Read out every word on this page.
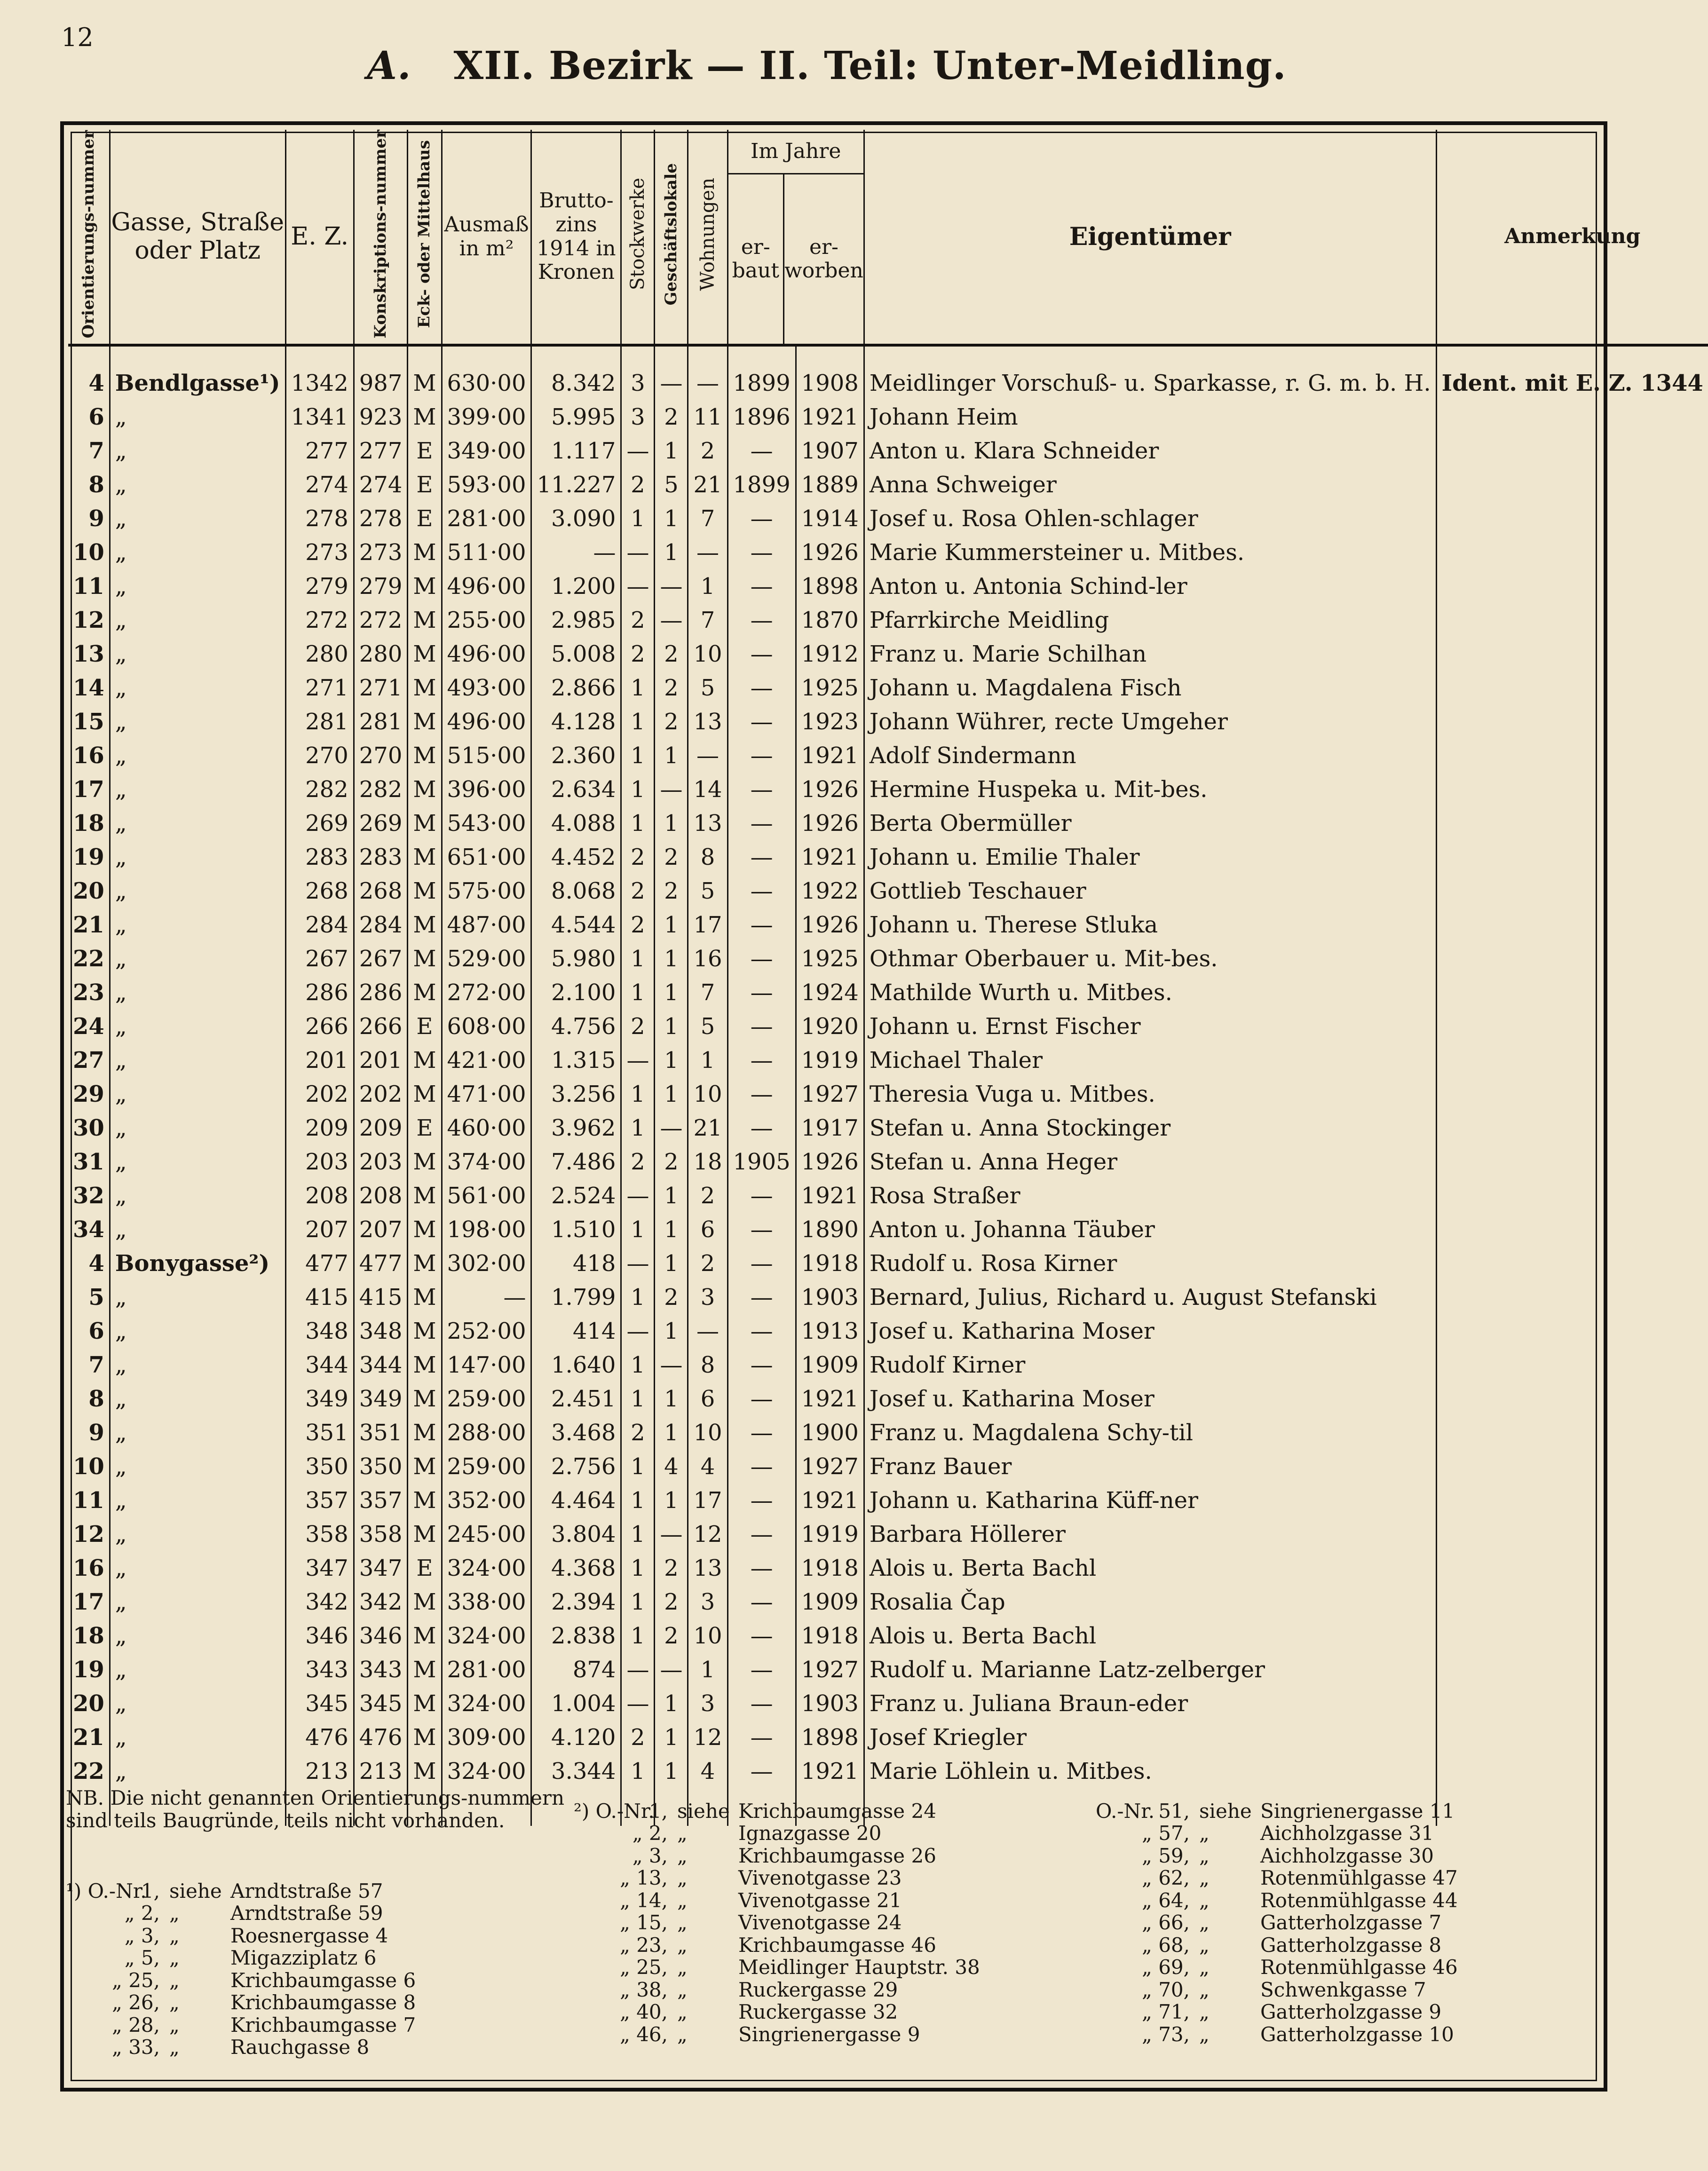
12
A. XII. Bezirk — II. Teil: Unter-Meidling.
Orientierungs-nummer	Gasse, Straße oder Platz	E. Z.	Konskriptions-nummer	Eck- oder Mittelhaus	Ausmaß in m²	Brutto-zins 1914 in Kronen	Stockwerke	Geschäftslokale	Wohnungen	Im Jahre
er-baut
er-worben		Eigentümer	Anmerkung

4	Bendlgasse¹)	1342	987	M	630·00	8.342	3	—	—	1899	1908	Meidlinger Vorschuß- u. Sparkasse, r. G. m. b. H.	Ident. mit E. Z. 1344
6	„	1341	923	M	399·00	5.995	3	2	11	1896	1921	Johann Heim	
7	„	277	277	E	349·00	1.117	—	1	2	—	1907	Anton u. Klara Schneider	
8	„	274	274	E	593·00	11.227	2	5	21	1899	1889	Anna Schweiger	
9	„	278	278	E	281·00	3.090	1	1	7	—	1914	Josef u. Rosa Ohlen-schlager	
10	„	273	273	M	511·00	—	—	1	—	—	1926	Marie Kummersteiner u. Mitbes.	
11	„	279	279	M	496·00	1.200	—	—	1	—	1898	Anton u. Antonia Schind-ler	
12	„	272	272	M	255·00	2.985	2	—	7	—	1870	Pfarrkirche Meidling	
13	„	280	280	M	496·00	5.008	2	2	10	—	1912	Franz u. Marie Schilhan	
14	„	271	271	M	493·00	2.866	1	2	5	—	1925	Johann u. Magdalena Fisch	
15	„	281	281	M	496·00	4.128	1	2	13	—	1923	Johann Wührer, recte Umgeher	
16	„	270	270	M	515·00	2.360	1	1	—	—	1921	Adolf Sindermann	
17	„	282	282	M	396·00	2.634	1	—	14	—	1926	Hermine Huspeka u. Mit-bes.	
18	„	269	269	M	543·00	4.088	1	1	13	—	1926	Berta Obermüller	
19	„	283	283	M	651·00	4.452	2	2	8	—	1921	Johann u. Emilie Thaler	
20	„	268	268	M	575·00	8.068	2	2	5	—	1922	Gottlieb Teschauer	
21	„	284	284	M	487·00	4.544	2	1	17	—	1926	Johann u. Therese Stluka	
22	„	267	267	M	529·00	5.980	1	1	16	—	1925	Othmar Oberbauer u. Mit-bes.	
23	„	286	286	M	272·00	2.100	1	1	7	—	1924	Mathilde Wurth u. Mitbes.	
24	„	266	266	E	608·00	4.756	2	1	5	—	1920	Johann u. Ernst Fischer	
27	„	201	201	M	421·00	1.315	—	1	1	—	1919	Michael Thaler	
29	„	202	202	M	471·00	3.256	1	1	10	—	1927	Theresia Vuga u. Mitbes.	
30	„	209	209	E	460·00	3.962	1	—	21	—	1917	Stefan u. Anna Stockinger	
31	„	203	203	M	374·00	7.486	2	2	18	1905	1926	Stefan u. Anna Heger	
32	„	208	208	M	561·00	2.524	—	1	2	—	1921	Rosa Straßer	
34	„	207	207	M	198·00	1.510	1	1	6	—	1890	Anton u. Johanna Täuber	
4	Bonygasse²)	477	477	M	302·00	418	—	1	2	—	1918	Rudolf u. Rosa Kirner	
5	„	415	415	M	—	1.799	1	2	3	—	1903	Bernard, Julius, Richard u. August Stefanski	
6	„	348	348	M	252·00	414	—	1	—	—	1913	Josef u. Katharina Moser	
7	„	344	344	M	147·00	1.640	1	—	8	—	1909	Rudolf Kirner	
8	„	349	349	M	259·00	2.451	1	1	6	—	1921	Josef u. Katharina Moser	
9	„	351	351	M	288·00	3.468	2	1	10	—	1900	Franz u. Magdalena Schy-til	
10	„	350	350	M	259·00	2.756	1	4	4	—	1927	Franz Bauer	
11	„	357	357	M	352·00	4.464	1	1	17	—	1921	Johann u. Katharina Küff-ner	
12	„	358	358	M	245·00	3.804	1	—	12	—	1919	Barbara Höllerer	
16	„	347	347	E	324·00	4.368	1	2	13	—	1918	Alois u. Berta Bachl	
17	„	342	342	M	338·00	2.394	1	2	3	—	1909	Rosalia Čap	
18	„	346	346	M	324·00	2.838	1	2	10	—	1918	Alois u. Berta Bachl	
19	„	343	343	M	281·00	874	—	—	1	—	1927	Rudolf u. Marianne Latz-zelberger	
20	„	345	345	M	324·00	1.004	—	1	3	—	1903	Franz u. Juliana Braun-eder	
21	„	476	476	M	309·00	4.120	2	1	12	—	1898	Josef Kriegler	
22	„	213	213	M	324·00	3.344	1	1	4	—	1921	Marie Löhlein u. Mitbes.	

NB. Die nicht genannten Orientierungs-nummern sind teils Baugründe, teils nicht vorhanden.
¹) O.-Nr.
1, siehe Arndtstraße 57
„ 2, „	Arndtstraße 59
„ 3, „	Roesnergasse 4
„ 5, „	Migazziplatz 6
„ 25, „	Krichbaumgasse 6
„ 26, „	Krichbaumgasse 8
„ 28, „	Krichbaumgasse 7
„ 33, „	Rauchgasse 8
²) O.-Nr.
1, siehe Krichbaumgasse 24
„ 2, „	Ignazgasse 20
„ 3, „	Krichbaumgasse 26
„ 13, „	Vivenotgasse 23
„ 14, „	Vivenotgasse 21
„ 15, „	Vivenotgasse 24
„ 23, „	Krichbaumgasse 46
„ 25, „	Meidlinger Hauptstr. 38
„ 38, „	Ruckergasse 29
„ 40, „	Ruckergasse 32
„ 46, „	Singrienergasse 9
O.-Nr. 51, siehe Singrienergasse 11
„ 57, „	Aichholzgasse 31
„ 59, „	Aichholzgasse 30
„ 62, „	Rotenmühlgasse 47
„ 64, „	Rotenmühlgasse 44
„ 66, „	Gatterholzgasse 7
„ 68, „	Gatterholzgasse 8
„ 69, „	Rotenmühlgasse 46
„ 70, „	Schwenkgasse 7
„ 71, „	Gatterholzgasse 9
„ 73, „	Gatterholzgasse 10
